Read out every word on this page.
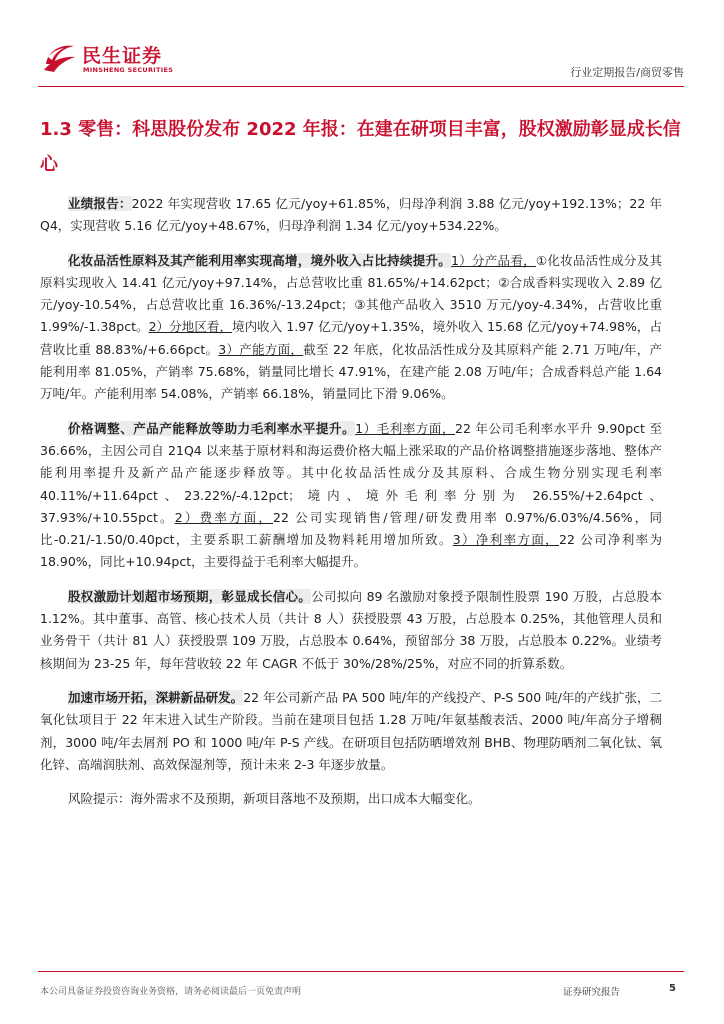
民生证券
MINSHENG SECURITIES	行业定期报告/商贸零售
1.3 零售：科思股份发布 2022 年报：在建在研项目丰富，股权激励彰显成长信心

业绩报告：2022 年实现营收 17.65 亿元/yoy+61.85%，归母净利润 3.88 亿元/yoy+192.13%；22 年 Q4，实现营收 5.16 亿元/yoy+48.67%，归母净利润 1.34 亿元/yoy+534.22%。

化妆品活性原料及其产能利用率实现高增，境外收入占比持续提升。1）分产品看，①化妆品活性成分及其原料实现收入 14.41 亿元/yoy+97.14%，占总营收比重 81.65%/+14.62pct；②合成香料实现收入 2.89 亿元/yoy-10.54%，占总营收比重 16.36%/-13.24pct；③其他产品收入 3510 万元/yoy-4.34%，占营收比重 1.99%/-1.38pct。2）分地区看，境内收入 1.97 亿元/yoy+1.35%，境外收入 15.68 亿元/yoy+74.98%，占营收比重 88.83%/+6.66pct。3）产能方面，截至 22 年底，化妆品活性成分及其原料产能 2.71 万吨/年，产能利用率 81.05%，产销率 75.68%，销量同比增长 47.91%，在建产能 2.08 万吨/年；合成香料总产能 1.64 万吨/年。产能利用率 54.08%，产销率 66.18%，销量同比下滑 9.06%。

价格调整、产品产能释放等助力毛利率水平提升。1）毛利率方面，22 年公司毛利率水平升 9.90pct 至 36.66%，主因公司自 21Q4 以来基于原材料和海运费价格大幅上涨采取的产品价格调整措施逐步落地、整体产能利用率提升及新产品产能逐步释放等。其中化妆品活性成分及其原料、合成生物分别实现毛利率 40.11%/+11.64pct、23.22%/-4.12pct；境内、境外毛利率分别为 26.55%/+2.64pct、37.93%/+10.55pct。2）费率方面，22 公司实现销售/管理/研发费用率 0.97%/6.03%/4.56%，同比-0.21/-1.50/0.40pct，主要系职工薪酬增加及物料耗用增加所致。3）净利率方面，22 公司净利率为 18.90%，同比+10.94pct，主要得益于毛利率大幅提升。

股权激励计划超市场预期，彰显成长信心。公司拟向 89 名激励对象授予限制性股票 190 万股，占总股本 1.12%。其中董事、高管、核心技术人员（共计 8 人）获授股票 43 万股，占总股本 0.25%，其他管理人员和业务骨干（共计 81 人）获授股票 109 万股，占总股本 0.64%，预留部分 38 万股，占总股本 0.22%。业绩考核期间为 23-25 年，每年营收较 22 年 CAGR 不低于 30%/28%/25%，对应不同的折算系数。

加速市场开拓，深耕新品研发。22 年公司新产品 PA 500 吨/年的产线投产、P-S 500 吨/年的产线扩张，二氧化钛项目于 22 年末进入试生产阶段。当前在建项目包括 1.28 万吨/年氨基酸表活、2000 吨/年高分子增稠剂，3000 吨/年去屑剂 PO 和 1000 吨/年 P-S 产线。在研项目包括防晒增效剂 BHB、物理防晒剂二氧化钛、氧化锌、高端润肤剂、高效保湿剂等，预计未来 2-3 年逐步放量。

风险提示：海外需求不及预期，新项目落地不及预期，出口成本大幅变化。

本公司具备证券投资咨询业务资格，请务必阅读最后一页免责声明	证券研究报告	5
